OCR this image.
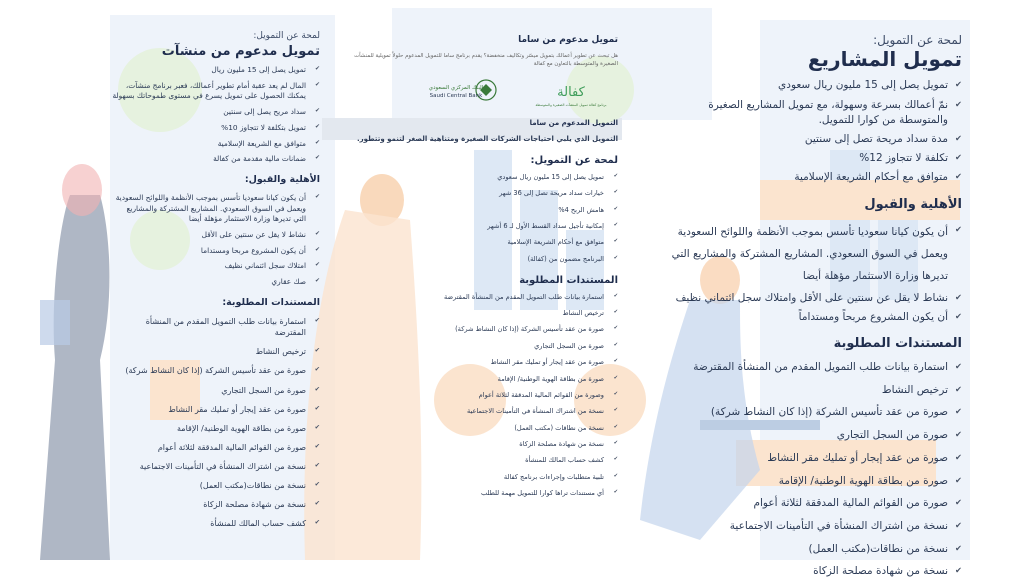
كفالة
برنامج كفالة تمويل المنشآت الصغيرة والمتوسطة
البنك المركزي السعودي
Saudi Central Bank
لمحة عن التمويل:
تمويل المشاريع
✔ تمويل يصل إلى 15 مليون ريال سعودي
✔ نمّ أعمالك بسرعة وسهولة، مع تمويل المشاريع الصغيرة والمتوسطة من كوارا للتمويل.
✔ مدة سداد مريحة تصل إلى سنتين
✔ تكلفة لا تتجاوز 12%
✔ متوافق مع أحكام الشريعة الإسلامية
الأهلية والقبول
✔ أن يكون كيانا سعوديا تأسس بموجب الأنظمة واللوائح السعودية ويعمل في السوق السعودي. المشاريع المشتركة والمشاريع التي تديرها وزارة الاستثمار مؤهلة أيضا
✔ نشاط لا يقل عن سنتين على الأقل وامتلاك سجل ائتماني نظيف
✔ أن يكون المشروع مربحاً ومستداماً
المستندات المطلوبة
✔ استمارة بيانات طلب التمويل المقدم من المنشأة المقترضة
✔ ترخيص النشاط
✔ صورة من عقد تأسيس الشركة (إذا كان النشاط شركة)
✔ صورة من السجل التجاري
✔ صورة من عقد إيجار أو تمليك مقر النشاط
✔ صورة من بطاقة الهوية الوطنية/ الإقامة
✔ صورة من القوائم المالية المدققة لثلاثة أعوام
✔ نسخة من اشتراك المنشأة في التأمينات الاجتماعية
✔ نسخة من نطاقات(مكتب العمل)
✔ نسخة من شهادة مصلحة الزكاة
تمويل مدعوم من ساما
هل تبحث عن تطوير أعمالك بتمويل ميسّر وتكاليف منخفضة؟ يقدم برنامج ساما للتمويل المدعوم حلولاً تمويلية للمنشآت الصغيرة والمتوسطة بالتعاون مع كفالة
التمويل المدعوم من ساما
التمويل الذي يلبي احتياجات الشركات الصغيرة ومتناهية الصغر لتنمو وتتطور.
لمحة عن التمويل:
✔ تمويل يصل إلى 15 مليون ريال سعودي
✔ خيارات سداد مريحة تصل إلى 36 شهر
✔ هامش الربح 4%
✔ إمكانية تأجيل سداد القسط الأول لـ 6 أشهر
✔ متوافق مع أحكام الشريعة الإسلامية
✔ البرنامج مضمون من (كفالة)
المستندات المطلوبة
✔ استمارة بيانات طلب التمويل المقدم من المنشأة المقترضة
✔ ترخيص النشاط
✔ صورة من عقد تأسيس الشركة (إذا كان النشاط شركة)
✔ صورة من السجل التجاري
✔ صورة من عقد إيجار أو تمليك مقر النشاط
✔ صورة من بطاقة الهوية الوطنية/ الإقامة
✔ وصورة من القوائم المالية المدققة لثلاثة أعوام
✔ نسخة من اشتراك المنشأة في التأمينات الاجتماعية
✔ نسخة من نطاقات (مكتب العمل)
✔ نسخة من شهادة مصلحة الزكاة
✔ كشف حساب المالك للمنشأة
✔ تلبية متطلبات وإجراءات برنامج كفالة
✔ أي مستندات تراها كوارا للتمويل مهمة للطلب
لمحة عن التمويل:
تمويل مدعوم من منشآت
✔ تمويل يصل إلى 15 مليون ريال
✔ المال لم يعد عقبة أمام تطوير أعمالك، فعبر برنامج منشآت، يمكنك الحصول على تمويل يسرع في مستوى طموحاتك بسهولة
✔ سداد مريح يصل إلى سنتين
✔ تمويل بتكلفة لا تتجاوز 10%
✔ متوافق مع الشريعة الإسلامية
✔ ضمانات مالية مقدمة من كفالة
الأهلية والقبول:
✔ أن يكون كيانا سعوديا تأسس بموجب الأنظمة واللوائح السعودية ويعمل في السوق السعودي. المشاريع المشتركة والمشاريع التي تديرها وزارة الاستثمار مؤهلة أيضا
✔ نشاط لا يقل عن سنتين على الأقل
✔ أن يكون المشروع مربحا ومستداما
✔ امتلاك سجل ائتماني نظيف
✔ صك عقاري
المستندات المطلوبة:
✔ استمارة بيانات طلب التمويل المقدم من المنشأة المقترضة
✔ ترخيص النشاط
✔ صورة من عقد تأسيس الشركة (إذا كان النشاط شركة)
✔ صورة من السجل التجاري
✔ صورة من عقد إيجار أو تمليك مقر النشاط
✔ صورة من بطاقة الهوية الوطنية/ الإقامة
✔ صورة من القوائم المالية المدققة لثلاثة أعوام
✔ نسخة من اشتراك المنشأة في التأمينات الاجتماعية
✔ نسخة من نطاقات(مكتب العمل)
✔ نسخة من شهادة مصلحة الزكاة
✔ كشف حساب المالك للمنشأة
